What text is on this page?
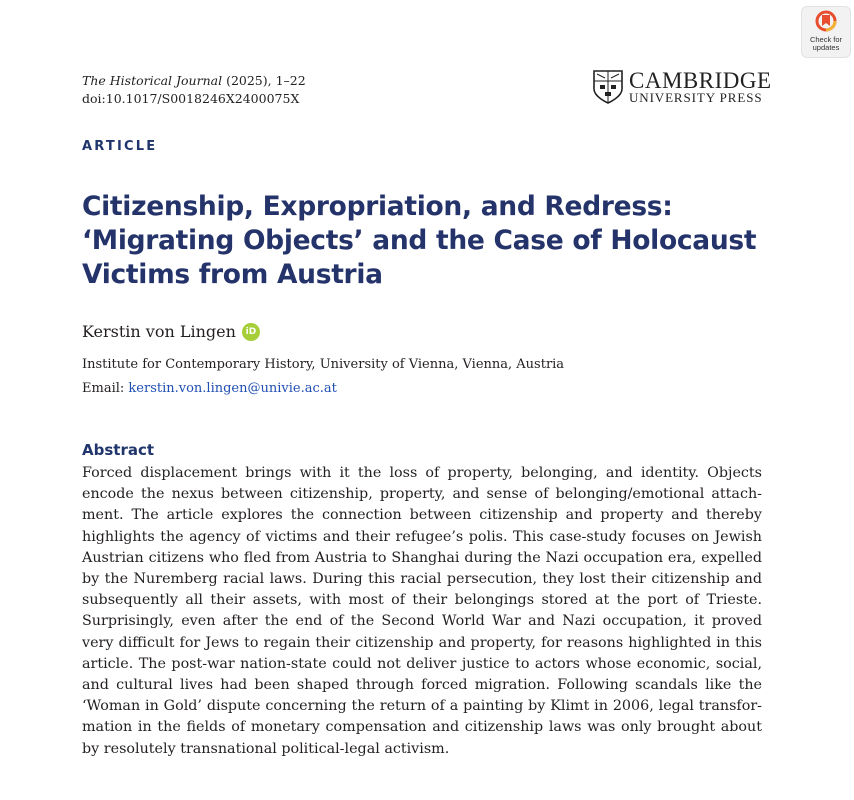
The Historical Journal (2025), 1–22
doi:10.1017/S0018246X2400075X
CAMBRIDGE
UNIVERSITY PRESS
Check for
updates
ARTICLE
Citizenship, Expropriation, and Redress:
‘Migrating Objects’ and the Case of Holocaust
Victims from Austria
Kerstin von Lingen	iD
Institute for Contemporary History, University of Vienna, Vienna, Austria
Email: kerstin.von.lingen@univie.ac.at
Abstract

Forced displacement brings with it the loss of property, belonging, and identity. Objects
encode the nexus between citizenship, property, and sense of belonging/emotional attach-
ment. The article explores the connection between citizenship and property and thereby
highlights the agency of victims and their refugee’s polis. This case-study focuses on Jewish
Austrian citizens who fled from Austria to Shanghai during the Nazi occupation era, expelled
by the Nuremberg racial laws. During this racial persecution, they lost their citizenship and
subsequently all their assets, with most of their belongings stored at the port of Trieste.
Surprisingly, even after the end of the Second World War and Nazi occupation, it proved
very difficult for Jews to regain their citizenship and property, for reasons highlighted in this
article. The post-war nation-state could not deliver justice to actors whose economic, social,
and cultural lives had been shaped through forced migration. Following scandals like the
‘Woman in Gold’ dispute concerning the return of a painting by Klimt in 2006, legal transfor-
mation in the fields of monetary compensation and citizenship laws was only brought about
by resolutely transnational political-legal activism.
